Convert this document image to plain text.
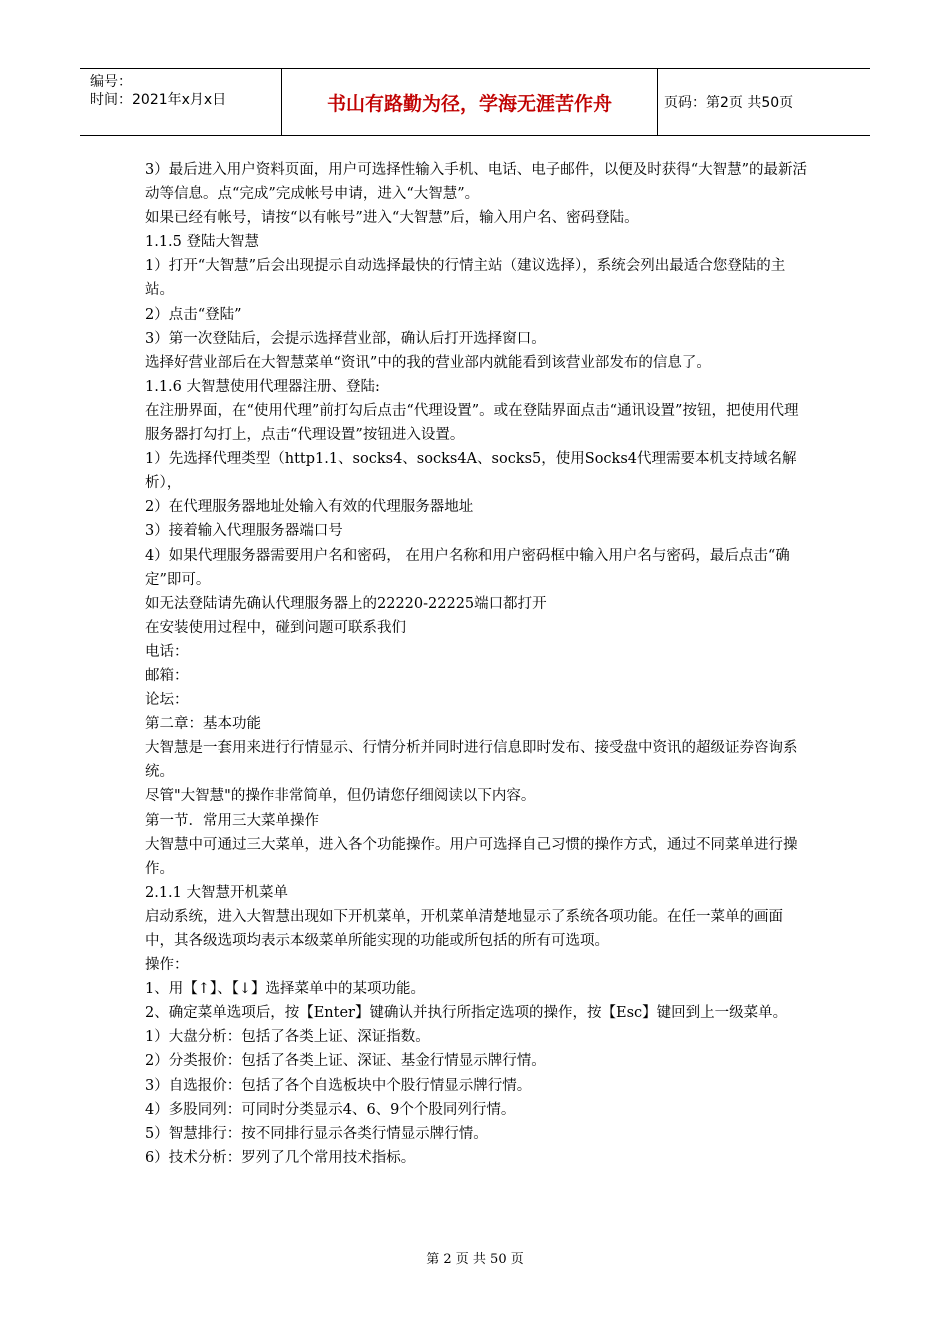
编号：
时间：2021年x月x日	书山有路勤为径，学海无涯苦作舟	页码：第2页 共50页

3）最后进入用户资料页面，用户可选择性输入手机、电话、电子邮件，以便及时获得“大智慧”的最新活动等信息。点“完成”完成帐号申请，进入“大智慧”。

如果已经有帐号，请按“以有帐号”进入“大智慧”后，输入用户名、密码登陆。

1.1.5 登陆大智慧

1）打开“大智慧”后会出现提示自动选择最快的行情主站（建议选择），系统会列出最适合您登陆的主站。

2）点击“登陆”

3）第一次登陆后，会提示选择营业部，确认后打开选择窗口。

选择好营业部后在大智慧菜单“资讯”中的我的营业部内就能看到该营业部发布的信息了。

1.1.6 大智慧使用代理器注册、登陆:

在注册界面，在“使用代理”前打勾后点击“代理设置”。或在登陆界面点击“通讯设置”按钮，把使用代理服务器打勾打上，点击“代理设置”按钮进入设置。

1）先选择代理类型（http1.1、socks4、socks4A、socks5，使用Socks4代理需要本机支持域名解析），

2）在代理服务器地址处输入有效的代理服务器地址

3）接着输入代理服务器端口号

4）如果代理服务器需要用户名和密码， 在用户名称和用户密码框中输入用户名与密码，最后点击“确定”即可。

如无法登陆请先确认代理服务器上的22220-22225端口都打开

在安装使用过程中，碰到问题可联系我们

电话：

邮箱：

论坛：

第二章：基本功能

大智慧是一套用来进行行情显示、行情分析并同时进行信息即时发布、接受盘中资讯的超级证券咨询系统。

尽管"大智慧"的操作非常简单，但仍请您仔细阅读以下内容。

第一节．常用三大菜单操作

大智慧中可通过三大菜单，进入各个功能操作。用户可选择自己习惯的操作方式，通过不同菜单进行操作。

2.1.1 大智慧开机菜单

启动系统，进入大智慧出现如下开机菜单，开机菜单清楚地显示了系统各项功能。在任一菜单的画面中，其各级选项均表示本级菜单所能实现的功能或所包括的所有可选项。

操作：

1、用【↑】、【↓】选择菜单中的某项功能。

2、确定菜单选项后，按【Enter】键确认并执行所指定选项的操作，按【Esc】键回到上一级菜单。

1）大盘分析：包括了各类上证、深证指数。

2）分类报价：包括了各类上证、深证、基金行情显示牌行情。

3）自选报价：包括了各个自选板块中个股行情显示牌行情。

4）多股同列：可同时分类显示4、6、9个个股同列行情。

5）智慧排行：按不同排行显示各类行情显示牌行情。

6）技术分析：罗列了几个常用技术指标。

第 2 页 共 50 页
